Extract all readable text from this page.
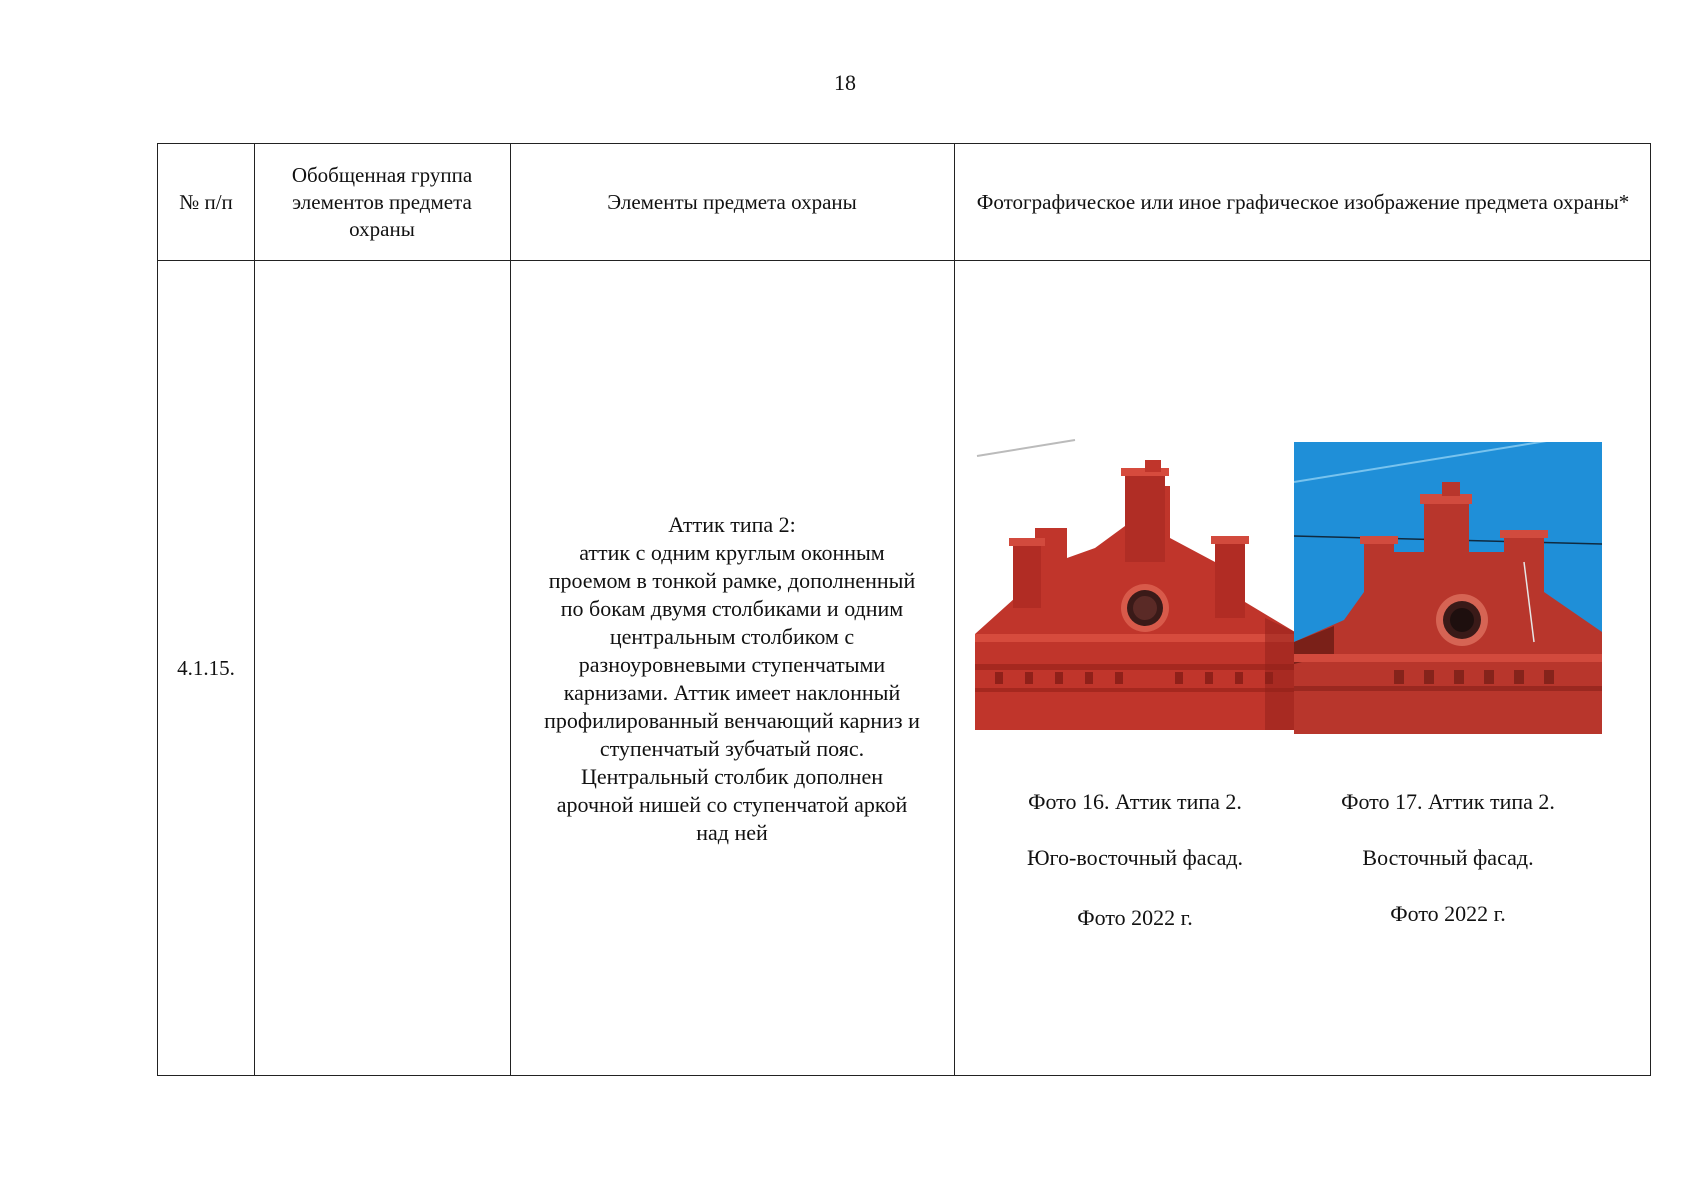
18
№ п/п
Обобщенная группа элементов предмета охраны
Элементы предмета охраны	Фотографическое или иное графическое изображение предмета охраны*
4.1.15.
Аттик типа 2:
аттик с одним круглым оконным
проемом в тонкой рамке, дополненный
по бокам двумя столбиками и одним
центральным столбиком с
разноуровневыми ступенчатыми
карнизами. Аттик имеет наклонный
профилированный венчающий карниз и
ступенчатый зубчатый пояс.
Центральный столбик дополнен
арочной нишей со ступенчатой аркой
над ней

Фото 16. Аттик типа 2.

Юго-восточный фасад.

Фото 2022 г.

Фото 17. Аттик типа 2.

Восточный фасад.

Фото 2022 г.
